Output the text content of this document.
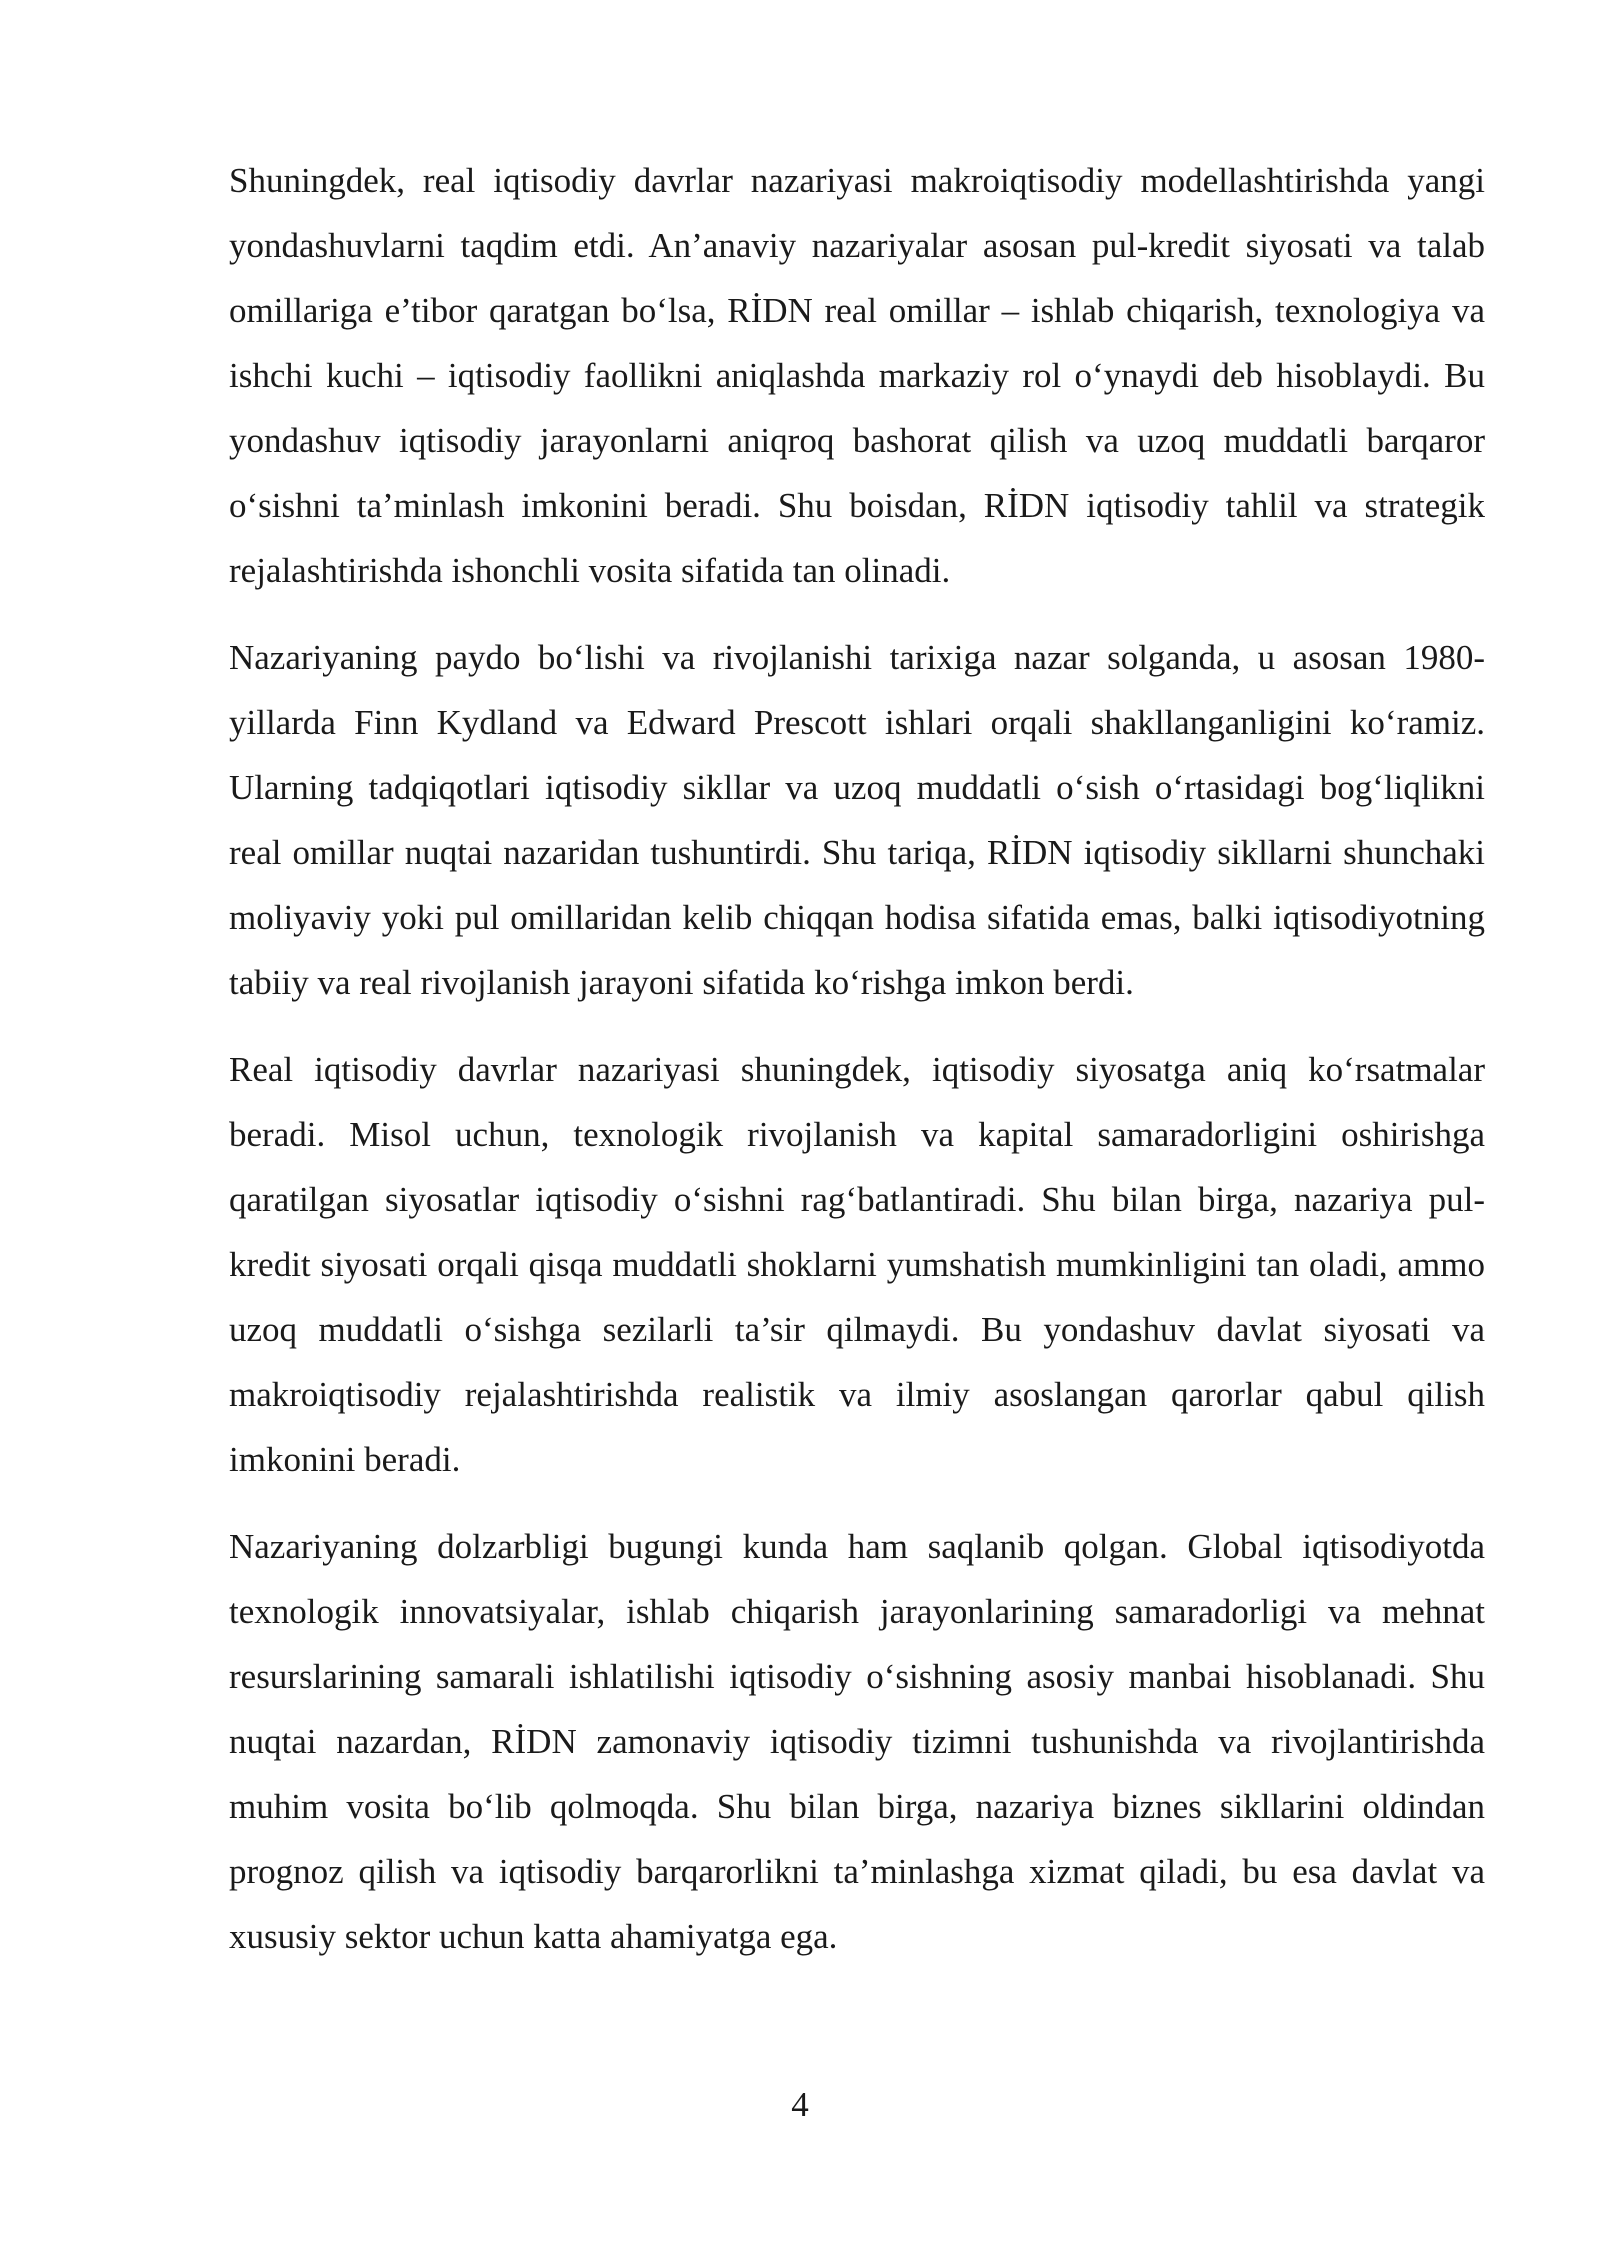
Shuningdek, real iqtisodiy davrlar nazariyasi makroiqtisodiy modellashtirishda yangi yondashuvlarni taqdim etdi. An’anaviy nazariyalar asosan pul-kredit siyosati va talab omillariga e’tibor qaratgan bo‘lsa, RİDN real omillar – ishlab chiqarish, texnologiya va ishchi kuchi – iqtisodiy faollikni aniqlashda markaziy rol o‘ynaydi deb hisoblaydi. Bu yondashuv iqtisodiy jarayonlarni aniqroq bashorat qilish va uzoq muddatli barqaror o‘sishni ta’minlash imkonini beradi. Shu boisdan, RİDN iqtisodiy tahlil va strategik rejalashtirishda ishonchli vosita sifatida tan olinadi.

Nazariyaning paydo bo‘lishi va rivojlanishi tarixiga nazar solganda, u asosan 1980-yillarda Finn Kydland va Edward Prescott ishlari orqali shakllanganligini ko‘ramiz. Ularning tadqiqotlari iqtisodiy sikllar va uzoq muddatli o‘sish o‘rtasidagi bog‘liqlikni real omillar nuqtai nazaridan tushuntirdi. Shu tariqa, RİDN iqtisodiy sikllarni shunchaki moliyaviy yoki pul omillaridan kelib chiqqan hodisa sifatida emas, balki iqtisodiyotning tabiiy va real rivojlanish jarayoni sifatida ko‘rishga imkon berdi.

Real iqtisodiy davrlar nazariyasi shuningdek, iqtisodiy siyosatga aniq ko‘rsatmalar beradi. Misol uchun, texnologik rivojlanish va kapital samaradorligini oshirishga qaratilgan siyosatlar iqtisodiy o‘sishni rag‘batlantiradi. Shu bilan birga, nazariya pul-kredit siyosati orqali qisqa muddatli shoklarni yumshatish mumkinligini tan oladi, ammo uzoq muddatli o‘sishga sezilarli ta’sir qilmaydi. Bu yondashuv davlat siyosati va makroiqtisodiy rejalashtirishda realistik va ilmiy asoslangan qarorlar qabul qilish imkonini beradi.

Nazariyaning dolzarbligi bugungi kunda ham saqlanib qolgan. Global iqtisodiyotda texnologik innovatsiyalar, ishlab chiqarish jarayonlarining samaradorligi va mehnat resurslarining samarali ishlatilishi iqtisodiy o‘sishning asosiy manbai hisoblanadi. Shu nuqtai nazardan, RİDN zamonaviy iqtisodiy tizimni tushunishda va rivojlantirishda muhim vosita bo‘lib qolmoqda. Shu bilan birga, nazariya biznes sikllarini oldindan prognoz qilish va iqtisodiy barqarorlikni ta’minlashga xizmat qiladi, bu esa davlat va xususiy sektor uchun katta ahamiyatga ega.

4
